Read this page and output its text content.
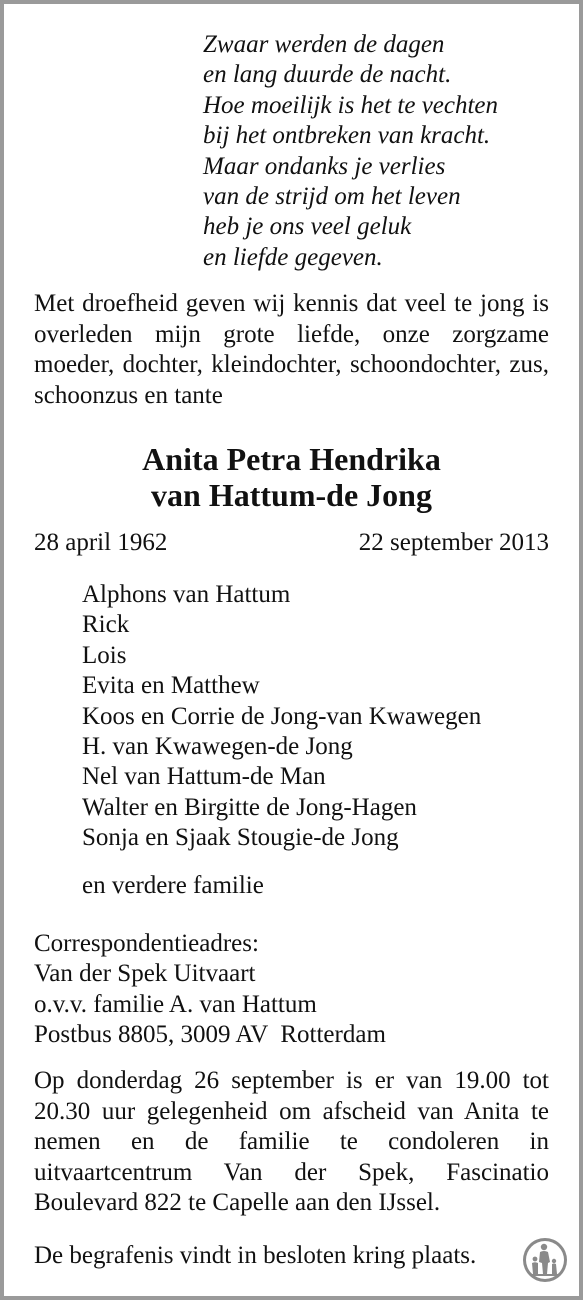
Zwaar werden de dagen
en lang duurde de nacht.
Hoe moeilijk is het te vechten
bij het ontbreken van kracht.
Maar ondanks je verlies
van de strijd om het leven
heb je ons veel geluk
en liefde gegeven.
Met droefheid geven wij kennis dat veel te jong is overleden mijn grote liefde, onze zorgzame moeder, dochter, kleindochter, schoondochter, zus, schoonzus en tante
Anita Petra Hendrika
van Hattum-de Jong
28 april 1962	22 september 2013
Alphons van Hattum
Rick
Lois
Evita en Matthew
Koos en Corrie de Jong-van Kwawegen
H. van Kwawegen-de Jong
Nel van Hattum-de Man
Walter en Birgitte de Jong-Hagen
Sonja en Sjaak Stougie-de Jong
en verdere familie
Correspondentieadres:
Van der Spek Uitvaart
o.v.v. familie A. van Hattum
Postbus 8805, 3009 AV  Rotterdam
Op donderdag 26 september is er van 19.00 tot 20.30 uur gelegenheid om afscheid van Anita te nemen en de familie te condoleren in uitvaartcentrum Van der Spek, Fascinatio Boulevard 822 te Capelle aan den IJssel.
De begrafenis vindt in besloten kring plaats.
